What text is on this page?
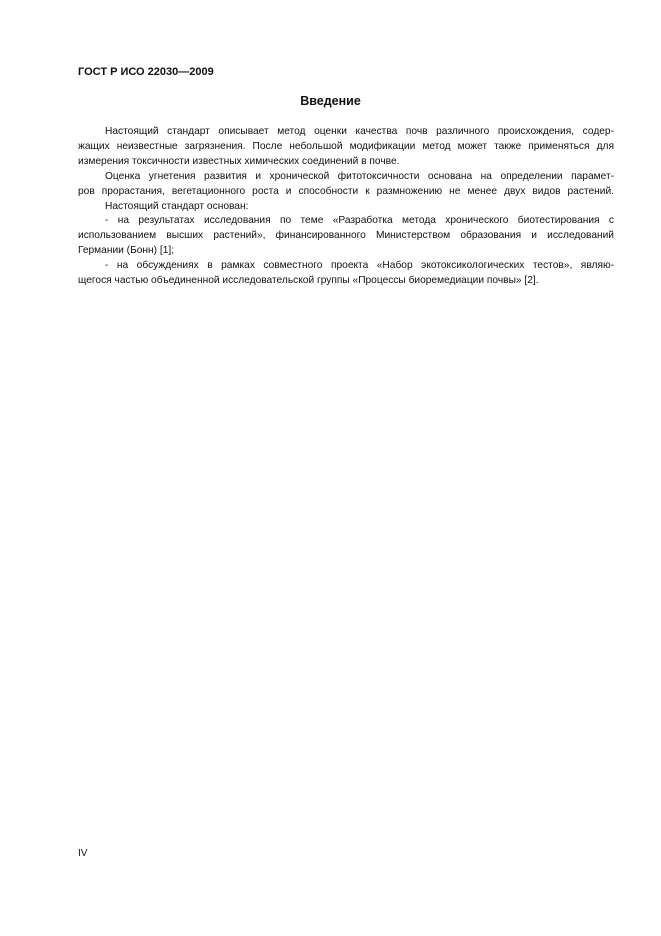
ГОСТ Р ИСО 22030—2009
Введение
Настоящий стандарт описывает метод оценки качества почв различного происхождения, содер-
жащих неизвестные загрязнения. После небольшой модификации метод может также применяться для
измерения токсичности известных химических соединений в почве.
Оценка угнетения развития и хронической фитотоксичности основана на определении парамет-
ров прорастания, вегетационного роста и способности к размножению не менее двух видов растений.
Настоящий стандарт основан:
- на результатах исследования по теме «Разработка метода хронического биотестирования с
использованием высших растений», финансированного Министерством образования и исследований
Германии (Бонн) [1];
- на обсуждениях в рамках совместного проекта «Набор экотоксикологических тестов», являю-
щегося частью объединенной исследовательской группы «Процессы биоремедиации почвы» [2].
IV
